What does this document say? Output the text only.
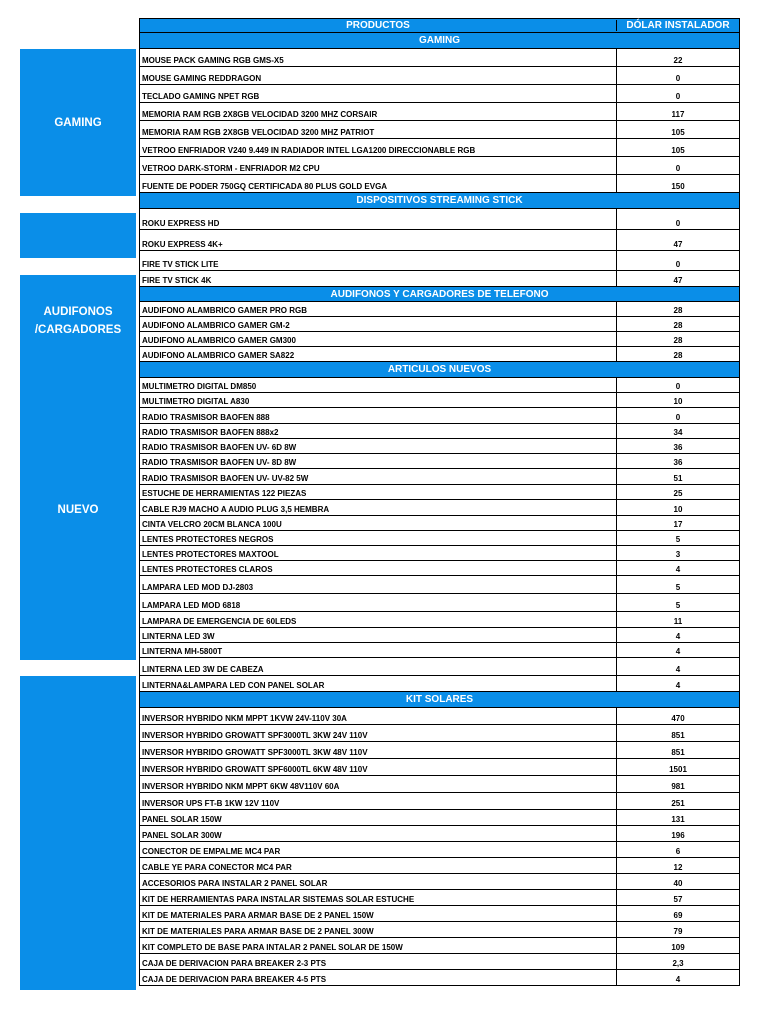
GAMING
AUDIFONOS
/CARGADORES
NUEVO
PRODUCTOS	DÓLAR INSTALADOR
GAMING
MOUSE PACK GAMING RGB GMS-X5	22
MOUSE GAMING REDDRAGON	0
TECLADO GAMING NPET RGB	0
MEMORIA RAM RGB 2X8GB VELOCIDAD 3200 MHZ CORSAIR	117
MEMORIA RAM RGB 2X8GB VELOCIDAD 3200 MHZ PATRIOT	105
VETROO ENFRIADOR V240 9.449 IN RADIADOR INTEL LGA1200 DIRECCIONABLE RGB	105
VETROO DARK-STORM - ENFRIADOR M2 CPU	0
FUENTE DE PODER 750GQ CERTIFICADA 80 PLUS GOLD EVGA	150
DISPOSITIVOS STREAMING STICK
ROKU EXPRESS HD	0
ROKU EXPRESS 4K+	47
FIRE TV STICK LITE	0
FIRE TV STICK 4K	47
AUDIFONOS Y CARGADORES DE TELEFONO
AUDIFONO ALAMBRICO GAMER PRO RGB	28
AUDIFONO ALAMBRICO GAMER GM-2	28
AUDIFONO ALAMBRICO GAMER GM300	28
AUDIFONO ALAMBRICO GAMER SA822	28
ARTICULOS NUEVOS
MULTIMETRO DIGITAL DM850	0
MULTIMETRO DIGITAL A830	10
RADIO TRASMISOR BAOFEN 888	0
RADIO TRASMISOR BAOFEN 888x2	34
RADIO TRASMISOR BAOFEN UV- 6D 8W	36
RADIO TRASMISOR BAOFEN UV- 8D 8W	36
RADIO TRASMISOR BAOFEN UV- UV-82 5W	51
ESTUCHE DE HERRAMIENTAS 122 PIEZAS	25
CABLE RJ9 MACHO A AUDIO PLUG 3,5 HEMBRA	10
CINTA VELCRO 20CM BLANCA 100U	17
LENTES PROTECTORES NEGROS	5
LENTES PROTECTORES MAXTOOL	3
LENTES PROTECTORES CLAROS	4
LAMPARA LED MOD DJ-2803	5
LAMPARA LED MOD 6818	5
LAMPARA DE EMERGENCIA DE 60LEDS	11
LINTERNA LED 3W	4
LINTERNA MH-5800T	4
LINTERNA LED 3W DE CABEZA	4
LINTERNA&LAMPARA LED CON PANEL SOLAR	4
KIT SOLARES
INVERSOR HYBRIDO NKM MPPT 1KVW 24V-110V 30A	470
INVERSOR HYBRIDO GROWATT SPF3000TL 3KW 24V 110V	851
INVERSOR HYBRIDO GROWATT SPF3000TL 3KW 48V 110V	851
INVERSOR HYBRIDO GROWATT SPF6000TL 6KW 48V 110V	1501
INVERSOR HYBRIDO NKM MPPT 6KW 48V110V 60A	981
INVERSOR UPS FT-B 1KW 12V 110V	251
PANEL SOLAR 150W	131
PANEL SOLAR 300W	196
CONECTOR DE EMPALME MC4 PAR	6
CABLE YE PARA CONECTOR MC4 PAR	12
ACCESORIOS PARA INSTALAR 2 PANEL SOLAR	40
KIT DE HERRAMIENTAS PARA INSTALAR SISTEMAS SOLAR ESTUCHE	57
KIT DE MATERIALES PARA ARMAR BASE DE 2 PANEL 150W	69
KIT DE MATERIALES PARA ARMAR BASE DE 2 PANEL 300W	79
KIT COMPLETO DE BASE PARA INTALAR 2 PANEL SOLAR DE 150W	109
CAJA DE DERIVACION PARA BREAKER 2-3 PTS	2,3
CAJA DE DERIVACION PARA BREAKER 4-5 PTS	4
